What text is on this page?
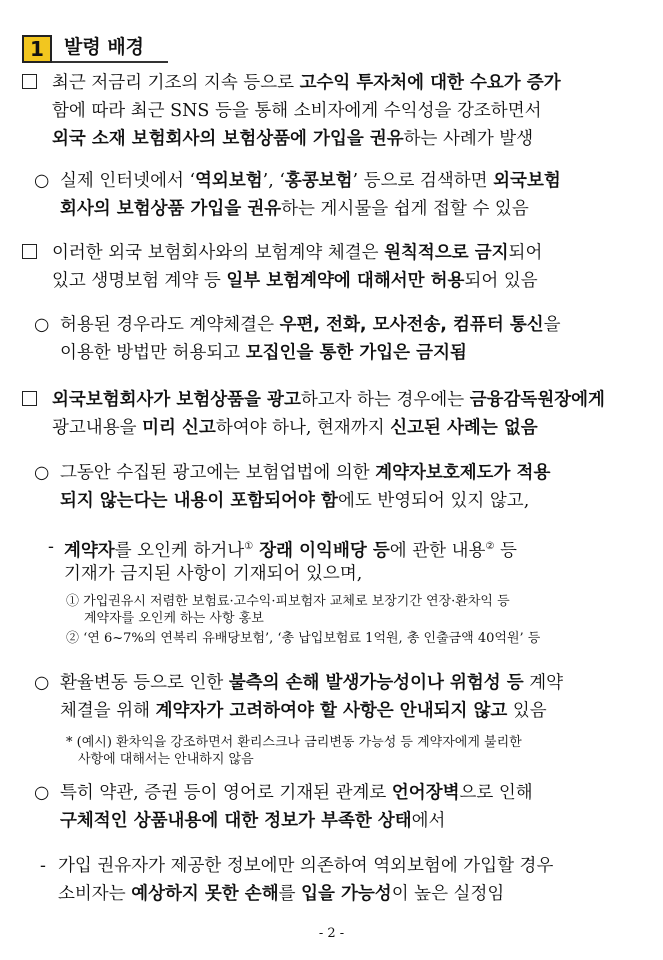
1	발령 배경
최근 저금리 기조의 지속 등으로 고수익 투자처에 대한 수요가 증가
함에 따라 최근 SNS 등을 통해 소비자에게 수익성을 강조하면서
외국 소재 보험회사의 보험상품에 가입을 권유하는 사례가 발생
○ 실제 인터넷에서 ‘역외보험’, ‘홍콩보험’ 등으로 검색하면 외국보험
회사의 보험상품 가입을 권유하는 게시물을 쉽게 접할 수 있음
이러한 외국 보험회사와의 보험계약 체결은 원칙적으로 금지되어
있고 생명보험 계약 등 일부 보험계약에 대해서만 허용되어 있음
○ 허용된 경우라도 계약체결은 우편, 전화, 모사전송, 컴퓨터 통신을
이용한 방법만 허용되고 모집인을 통한 가입은 금지됨
외국보험회사가 보험상품을 광고하고자 하는 경우에는 금융감독원장에게
광고내용을 미리 신고하여야 하나, 현재까지 신고된 사례는 없음
○ 그동안 수집된 광고에는 보험업법에 의한 계약자보호제도가 적용
되지 않는다는 내용이 포함되어야 함에도 반영되어 있지 않고,
- 계약자를 오인케 하거나① 장래 이익배당 등에 관한 내용② 등
기재가 금지된 사항이 기재되어 있으며,
① 가입권유시 저렴한 보험료·고수익·피보험자 교체로 보장기간 연장·환차익 등
계약자를 오인케 하는 사항 홍보
② ‘연 6~7%의 연복리 유배당보험’, ‘총 납입보험료 1억원, 총 인출금액 40억원’ 등
○ 환율변동 등으로 인한 불측의 손해 발생가능성이나 위험성 등 계약
체결을 위해 계약자가 고려하여야 할 사항은 안내되지 않고 있음
* (예시) 환차익을 강조하면서 환리스크나 금리변동 가능성 등 계약자에게 불리한
사항에 대해서는 안내하지 않음
○ 특히 약관, 증권 등이 영어로 기재된 관계로 언어장벽으로 인해
구체적인 상품내용에 대한 정보가 부족한 상태에서
- 가입 권유자가 제공한 정보에만 의존하여 역외보험에 가입할 경우
소비자는 예상하지 못한 손해를 입을 가능성이 높은 실정임
- 2 -
